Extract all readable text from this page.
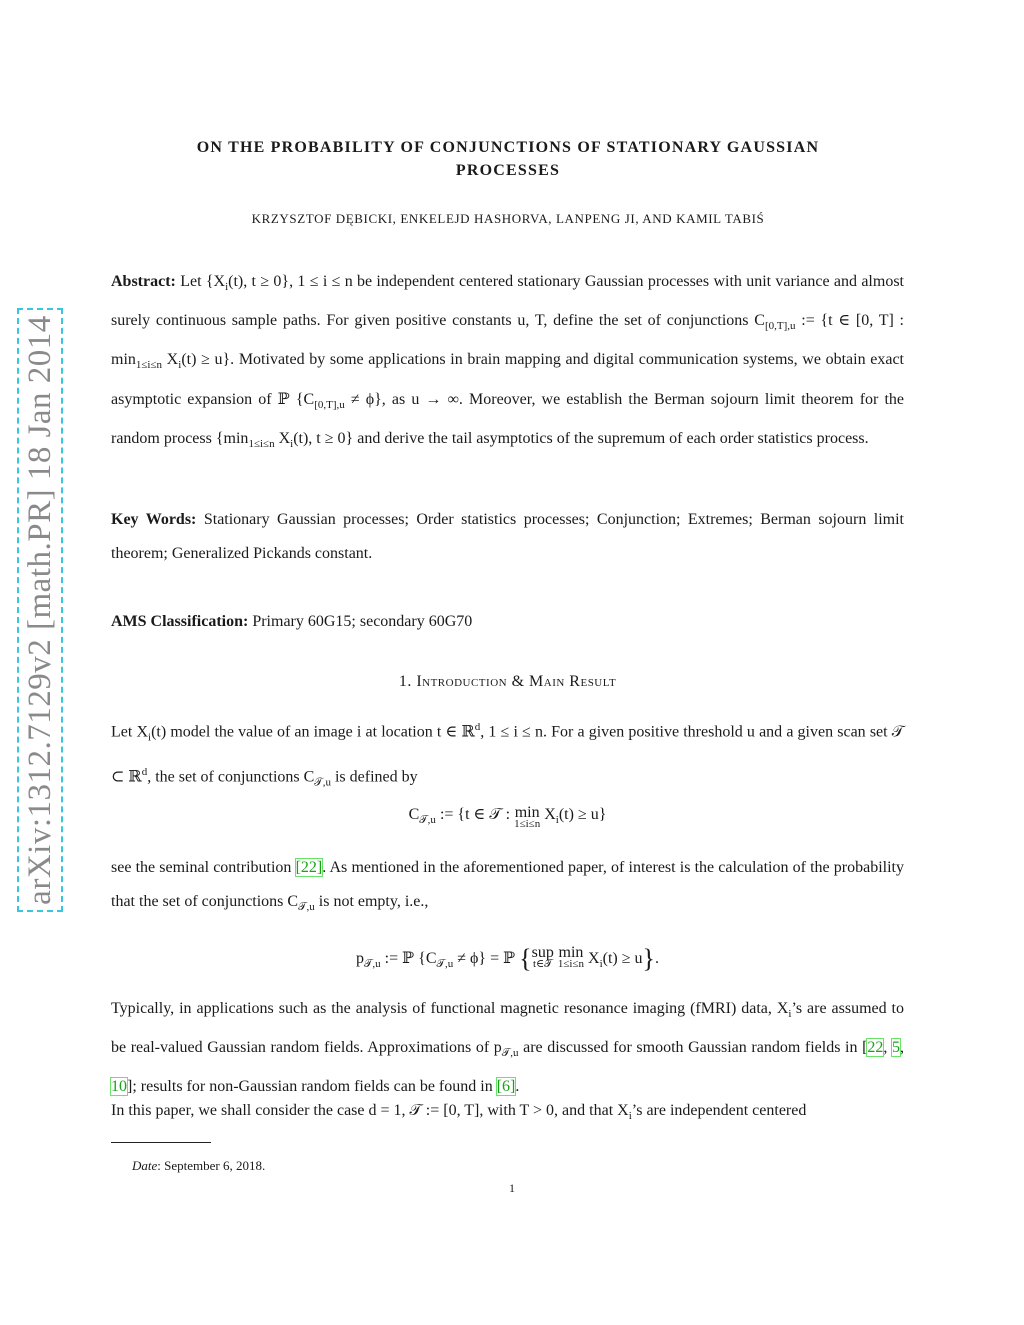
arXiv:1312.7129v2 [math.PR] 18 Jan 2014
ON THE PROBABILITY OF CONJUNCTIONS OF STATIONARY GAUSSIAN
PROCESSES
KRZYSZTOF DĘBICKI, ENKELEJD HASHORVA, LANPENG JI, AND KAMIL TABIŚ
Abstract: Let {$X_i(t)$, t ≥ 0}, 1 ≤ i ≤ n be independent centered stationary Gaussian processes with unit variance and almost surely continuous sample paths. For given positive constants u, T, define the set of conjunctions $C_{[0,T],u}$ := {t ∈ [0, T] : $\min_{1\le i\le n} X_i(t) \ge u$}. Motivated by some applications in brain mapping and digital communication systems, we obtain exact asymptotic expansion of ℙ $\{C_{[0,T],u} \ne \phi\}$, as u → ∞. Moreover, we establish the Berman sojourn limit theorem for the random process {$\min_{1\le i\le n}$ $X_i(t)$, t ≥ 0} and derive the tail asymptotics of the supremum of each order statistics process.
Key Words: Stationary Gaussian processes; Order statistics processes; Conjunction; Extremes; Berman sojourn limit theorem; Generalized Pickands constant.
AMS Classification: Primary 60G15; secondary 60G70
1. Introduction & Main Result
Let $X_i(t)$ model the value of an image i at location t ∈ ℝ$^d$, 1 ≤ i ≤ n. For a given positive threshold u and a given scan set 𝒯 ⊂ ℝ$^d$, the set of conjunctions $C_{𝒯,u}$ is defined by
$C_{𝒯,u}$ := {t ∈ 𝒯 : min
1≤i≤n
$X_i(t) \ge u$}
see the seminal contribution [22]. As mentioned in the aforementioned paper, of interest is the calculation of the probability that the set of conjunctions $C_{𝒯,u}$ is not empty, i.e.,
$p_{𝒯,u}$ := ℙ $\{C_{𝒯,u} \ne \phi\}$ = ℙ {sup
t∈𝒯
min
1≤i≤n $X_i(t) \ge u$}.
Typically, in applications such as the analysis of functional magnetic resonance imaging (fMRI) data, $X_i’s$ are assumed to be real-valued Gaussian random fields. Approximations of $p_{𝒯,u}$ are discussed for smooth Gaussian random fields in [22, 5, 10]; results for non-Gaussian random fields can be found in [6].
In this paper, we shall consider the case d = 1, 𝒯 := [0, T], with T > 0, and that $X_i’s$ are independent centered
Date: September 6, 2018.
1
